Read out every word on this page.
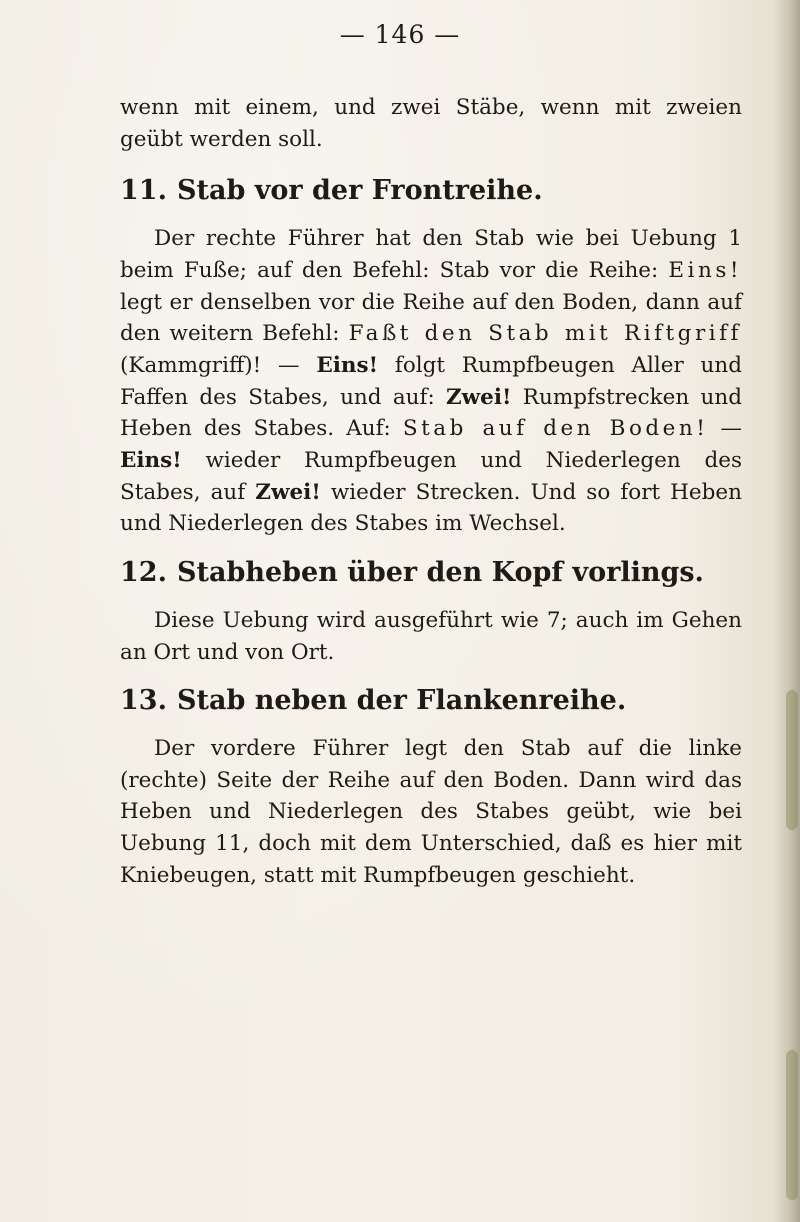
— 146 —

wenn mit einem, und zwei Stäbe, wenn mit zweien geübt werden soll.

11. Stab vor der Frontreihe.

Der rechte Führer hat den Stab wie bei Uebung 1 beim Fuße; auf den Befehl: Stab vor die Reihe: Eins! legt er denselben vor die Reihe auf den Boden, dann auf den weitern Befehl: Faßt den Stab mit Riftgriff (Kammgriff)! — Eins! folgt Rumpfbeugen Aller und Faffen des Stabes, und auf: Zwei! Rumpfstrecken und Heben des Stabes. Auf: Stab auf den Boden! — Eins! wieder Rumpfbeugen und Niederlegen des Stabes, auf Zwei! wieder Strecken. Und so fort Heben und Niederlegen des Stabes im Wechsel.

12. Stabheben über den Kopf vorlings.

Diese Uebung wird ausgeführt wie 7; auch im Gehen an Ort und von Ort.

13. Stab neben der Flankenreihe.

Der vordere Führer legt den Stab auf die linke (rechte) Seite der Reihe auf den Boden. Dann wird das Heben und Niederlegen des Stabes geübt, wie bei Uebung 11, doch mit dem Unterschied, daß es hier mit Kniebeugen, statt mit Rumpfbeugen geschieht.
